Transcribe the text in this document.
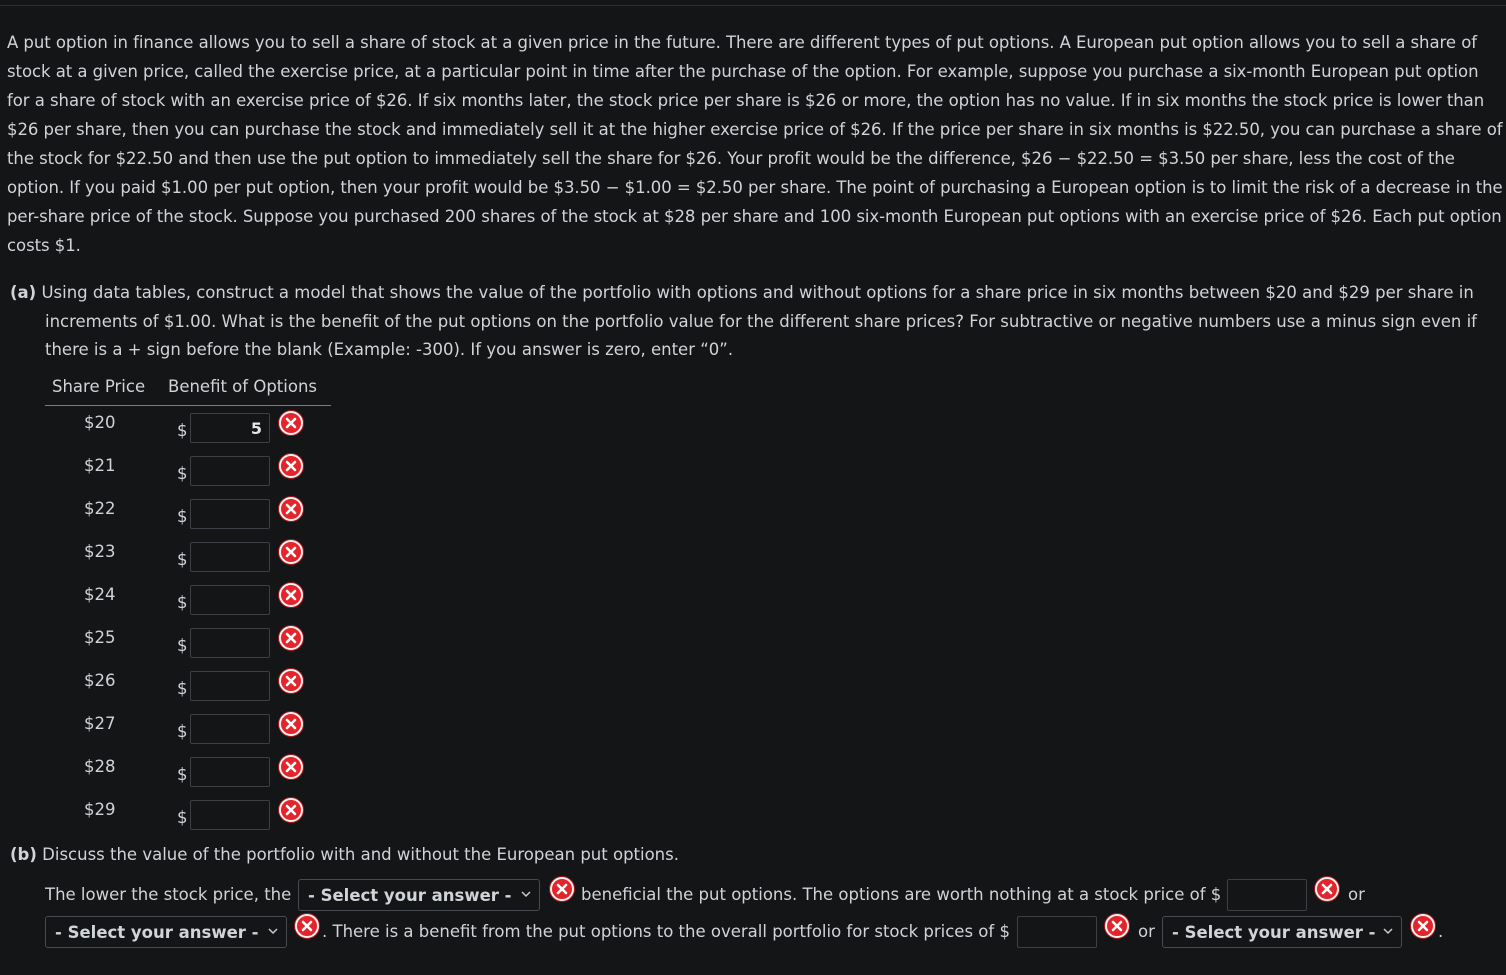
A put option in finance allows you to sell a share of stock at a given price in the future. There are different types of put options. A European put option allows you to sell a share of stock at a given price, called the exercise price, at a particular point in time after the purchase of the option. For example, suppose you purchase a six-month European put option for a share of stock with an exercise price of $26. If six months later, the stock price per share is $26 or more, the option has no value. If in six months the stock price is lower than $26 per share, then you can purchase the stock and immediately sell it at the higher exercise price of $26. If the price per share in six months is $22.50, you can purchase a share of the stock for $22.50 and then use the put option to immediately sell the share for $26. Your profit would be the difference, $26 − $22.50 = $3.50 per share, less the cost of the option. If you paid $1.00 per put option, then your profit would be $3.50 − $1.00 = $2.50 per share. The point of purchasing a European option is to limit the risk of a decrease in the per-share price of the stock. Suppose you purchased 200 shares of the stock at $28 per share and 100 six-month European put options with an exercise price of $26. Each put option costs $1.

(a) Using data tables, construct a model that shows the value of the portfolio with options and without options for a share price in six months between $20 and $29 per share in increments of $1.00. What is the benefit of the put options on the portfolio value for the different share prices? For subtractive or negative numbers use a minus sign even if there is a + sign before the blank (Example: -300). If you answer is zero, enter “0”.

Share Price Benefit of Options
$20	$	5
$21	$
$22	$
$23	$
$24	$
$25	$
$26	$
$27	$
$28	$
$29	$
(b) Discuss the value of the portfolio with and without the European put options.
The lower the stock price, the	- Select your answer -	beneficial the put options. The options are worth nothing at a stock price of $	or
- Select your answer -	. There is a benefit from the put options to the overall portfolio for stock prices of $	or	- Select your answer -	.
